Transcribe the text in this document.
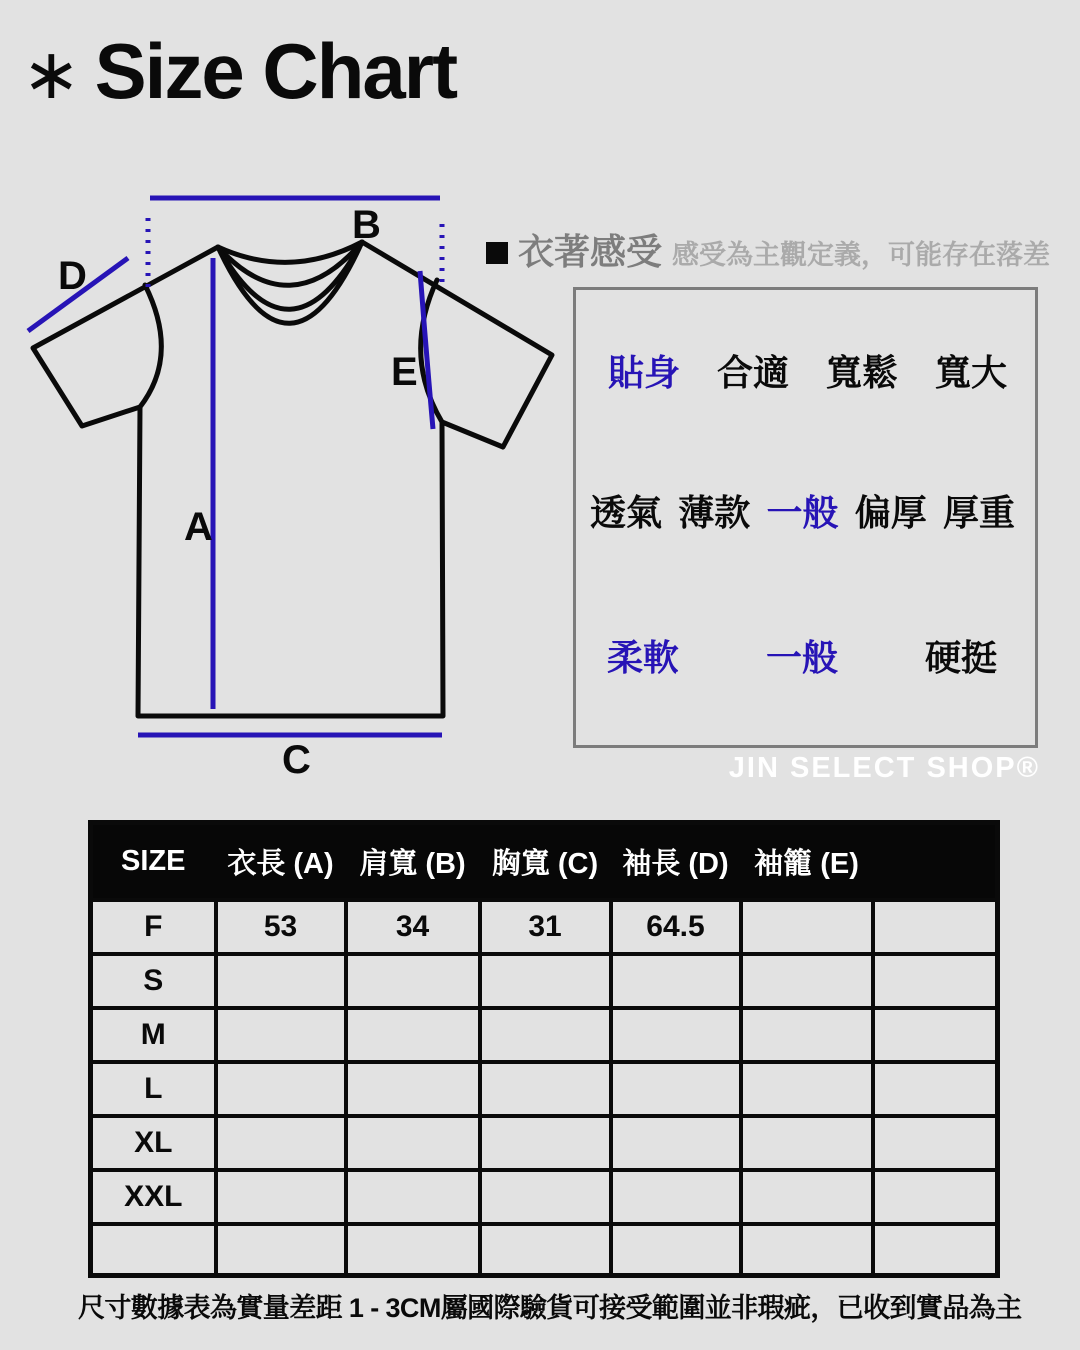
∗ Size Chart
A
B
C
D
E
衣著感受 感受為主觀定義，可能存在落差
貼身 合適 寬鬆 寬大
透氣 薄款 一般 偏厚 厚重
柔軟 一般 硬挺
JIN SELECT SHOP®
SIZE	衣長 (A)	肩寬 (B)	胸寬 (C)	袖長 (D)	袖籠 (E)	
F	53	34	31	64.5		
S						
M						
L						
XL						
XXL						

尺寸數據表為實量差距 1 - 3CM屬國際驗貨可接受範圍並非瑕疵，已收到實品為主
